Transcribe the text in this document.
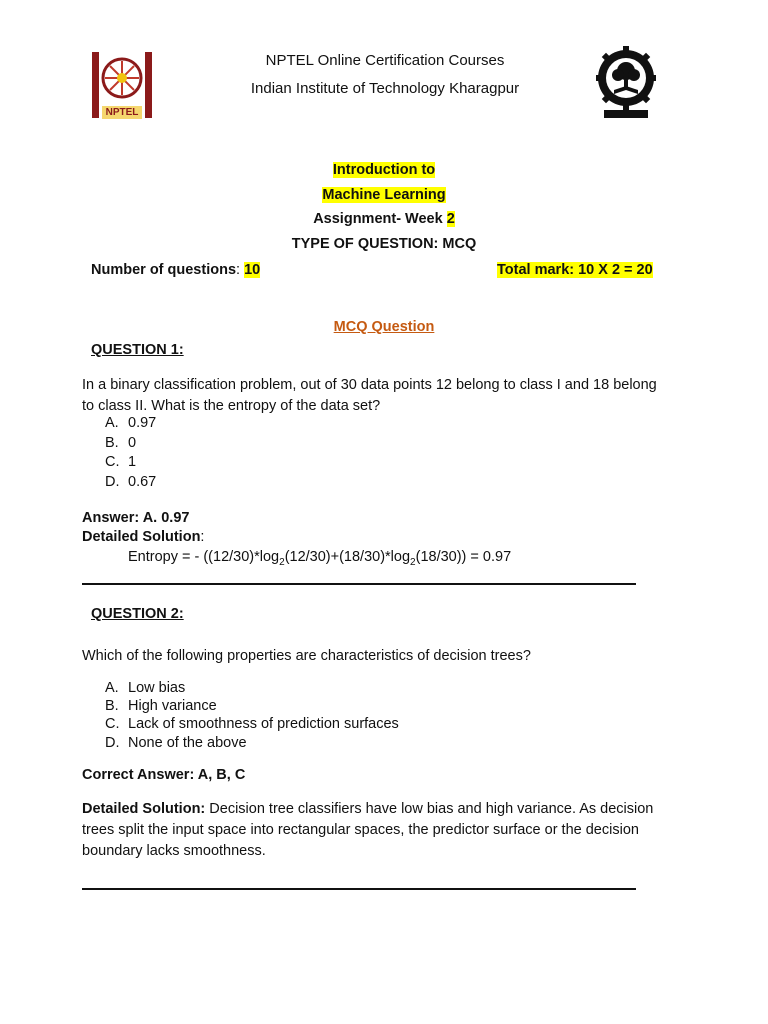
NPTEL
NPTEL Online Certification Courses
Indian Institute of Technology Kharagpur
Introduction to
Machine Learning
Assignment- Week 2
TYPE OF QUESTION: MCQ
Number of questions: 10	Total mark: 10 X 2 = 20
MCQ Question
QUESTION 1:
In a binary classification problem, out of 30 data points 12 belong to class I and 18 belong
to class II. What is the entropy of the data set?
A. 0.97
B. 0
C. 1
D. 0.67
Answer: A. 0.97
Detailed Solution:
Entropy = - $((12/30)*\log_2(12/30)+(18/30)*\log_2(18/30)) = 0.97$
QUESTION 2:
Which of the following properties are characteristics of decision trees?
A. Low bias
B. High variance
C. Lack of smoothness of prediction surfaces
D. None of the above
Correct Answer: A, B, C
Detailed Solution: Decision tree classifiers have low bias and high variance. As decision
trees split the input space into rectangular spaces, the predictor surface or the decision
boundary lacks smoothness.
